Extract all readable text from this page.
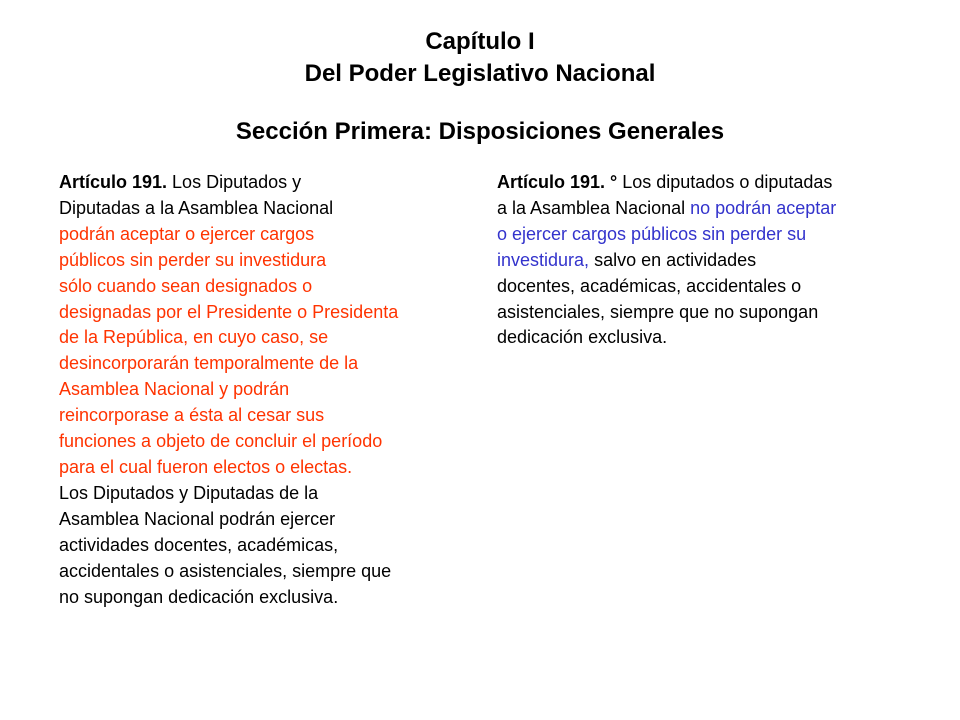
Capítulo I
Del Poder Legislativo Nacional
Sección Primera: Disposiciones Generales
Artículo 191. Los Diputados y
Diputadas a la Asamblea Nacional
podrán aceptar o ejercer cargos
públicos sin perder su investidura
sólo cuando sean designados o
designadas por el Presidente o Presidenta
de la República, en cuyo caso, se
desincorporarán temporalmente de la
Asamblea Nacional y podrán
reincorporase a ésta al cesar sus
funciones a objeto de concluir el período
para el cual fueron electos o electas.
Los Diputados y Diputadas de la
Asamblea Nacional podrán ejercer
actividades docentes, académicas,
accidentales o asistenciales, siempre que
no supongan dedicación exclusiva.
Artículo 191. ° Los diputados o diputadas
a la Asamblea Nacional no podrán aceptar
o ejercer cargos públicos sin perder su
investidura, salvo en actividades
docentes, académicas, accidentales o
asistenciales, siempre que no supongan
dedicación exclusiva.
